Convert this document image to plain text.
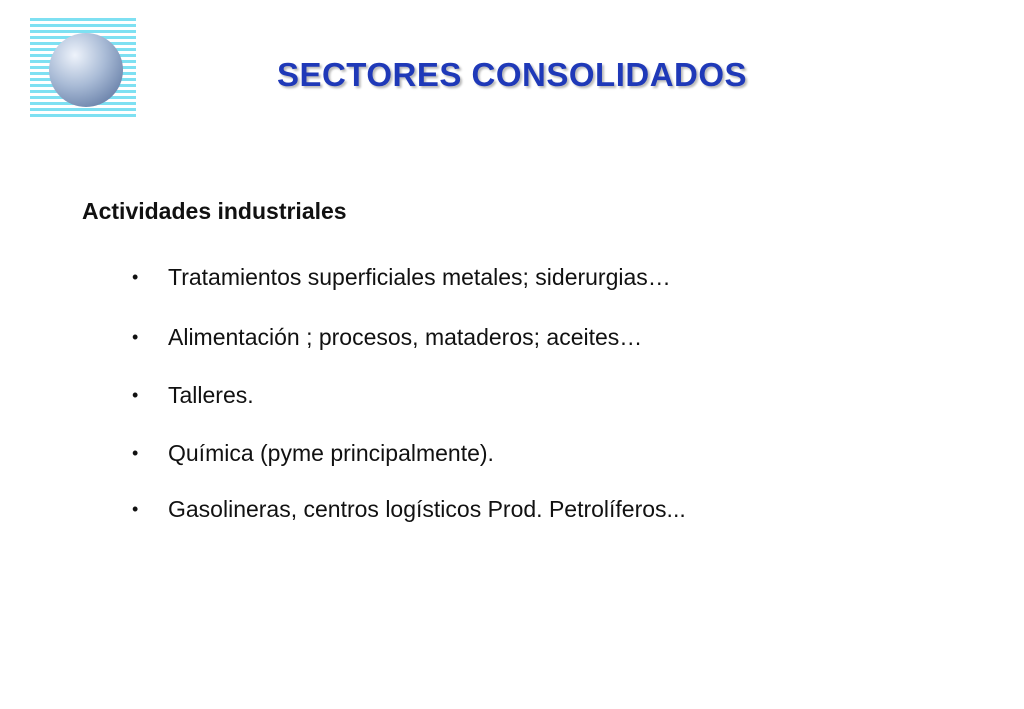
SECTORES CONSOLIDADOS
Actividades industriales
•	Tratamientos superficiales metales; siderurgias…
•	Alimentación ; procesos, mataderos; aceites…
•	Talleres.
•	Química (pyme principalmente).
•	Gasolineras, centros logísticos Prod. Petrolíferos...
